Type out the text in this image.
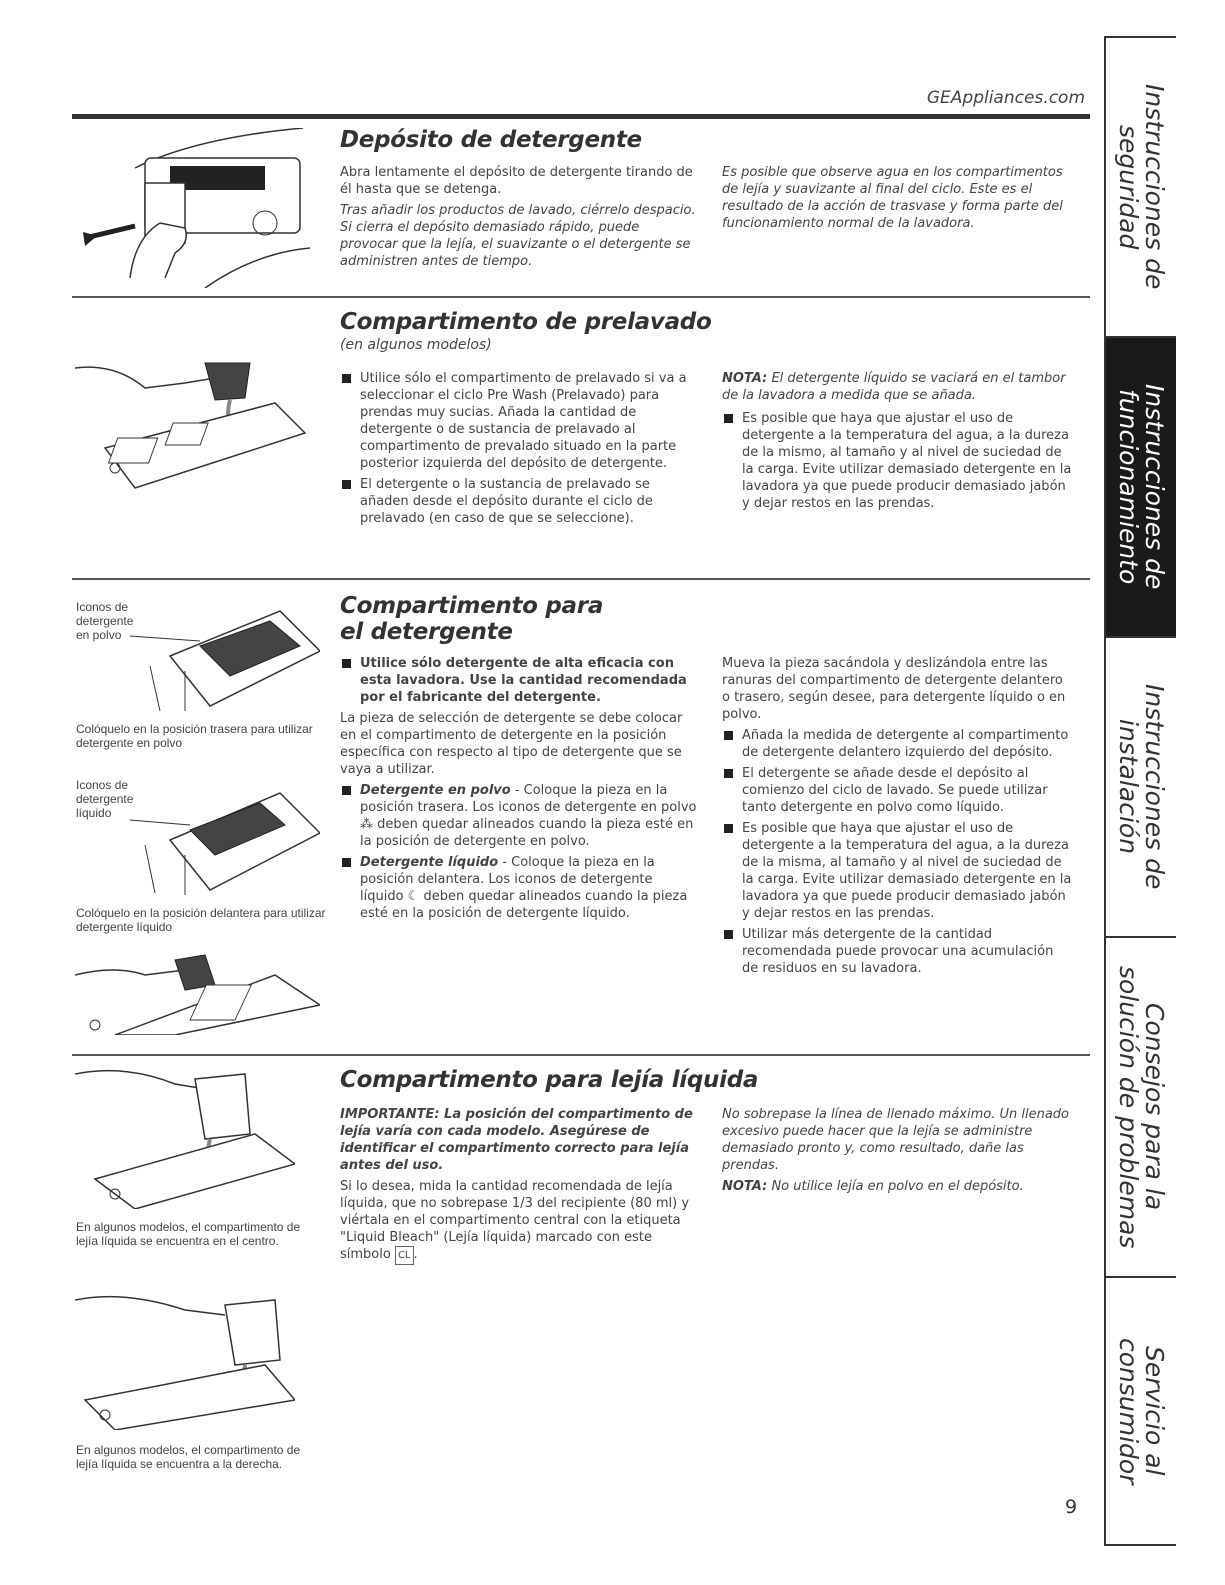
GEAppliances.com
Depósito de detergente

Abra lentamente el depósito de detergente tirando de él hasta que se detenga.

Tras añadir los productos de lavado, ciérrelo despacio. Si cierra el depósito demasiado rápido, puede provocar que la lejía, el suavizante o el detergente se administren antes de tiempo.

Es posible que observe agua en los compartimentos de lejía y suavizante al final del ciclo. Este es el resultado de la acción de trasvase y forma parte del funcionamiento normal de la lavadora.
Compartimento de prelavado
(en algunos modelos)
Utilice sólo el compartimento de prelavado si va a seleccionar el ciclo Pre Wash (Prelavado) para prendas muy sucias. Añada la cantidad de detergente o de sustancia de prelavado al compartimento de prevalado situado en la parte posterior izquierda del depósito de detergente.
El detergente o la sustancia de prelavado se añaden desde el depósito durante el ciclo de prelavado (en caso de que se seleccione).
NOTA: El detergente líquido se vaciará en el tambor de la lavadora a medida que se añada.
Es posible que haya que ajustar el uso de detergente a la temperatura del agua, a la dureza de la mismo, al tamaño y al nivel de suciedad de la carga. Evite utilizar demasiado detergente en la lavadora ya que puede producir demasiado jabón y dejar restos en las prendas.
Iconos de detergente en polvo
Colóquelo en la posición trasera para utilizar detergente en polvo
Iconos de detergente líquido
Colóquelo en la posición delantera para utilizar detergente líquido
Compartimento para
el detergente
Utilice sólo detergente de alta eficacia con esta lavadora. Use la cantidad recomendada por el fabricante del detergente.

La pieza de selección de detergente se debe colocar en el compartimento de detergente en la posición específica con respecto al tipo de detergente que se vaya a utilizar.

Detergente en polvo - Coloque la pieza en la posición trasera. Los iconos de detergente en polvo ⁂ deben quedar alineados cuando la pieza esté en la posición de detergente en polvo.
Detergente líquido - Coloque la pieza en la posición delantera. Los iconos de detergente líquido ☾ deben quedar alineados cuando la pieza esté en la posición de detergente líquido.

Mueva la pieza sacándola y deslizándola entre las ranuras del compartimento de detergente delantero o trasero, según desee, para detergente líquido o en polvo.

Añada la medida de detergente al compartimento de detergente delantero izquierdo del depósito.
El detergente se añade desde el depósito al comienzo del ciclo de lavado. Se puede utilizar tanto detergente en polvo como líquido.
Es posible que haya que ajustar el uso de detergente a la temperatura del agua, a la dureza de la misma, al tamaño y al nivel de suciedad de la carga. Evite utilizar demasiado detergente en la lavadora ya que puede producir demasiado jabón y dejar restos en las prendas.
Utilizar más detergente de la cantidad recomendada puede provocar una acumulación de residuos en su lavadora.
En algunos modelos, el compartimento de lejía líquida se encuentra en el centro.
En algunos modelos, el compartimento de lejía líquida se encuentra a la derecha.
Compartimento para lejía líquida

IMPORTANTE: La posición del compartimento de lejía varía con cada modelo. Asegúrese de identificar el compartimento correcto para lejía antes del uso.

Si lo desea, mida la cantidad recomendada de lejía líquida, que no sobrepase 1/3 del recipiente (80 ml) y viértala en el compartimento central con la etiqueta "Liquid Bleach" (Lejía líquida) marcado con este símbolo CL .

No sobrepase la línea de llenado máximo. Un llenado excesivo puede hacer que la lejía se administre demasiado pronto y, como resultado, dañe las prendas.

NOTA: No utilice lejía en polvo en el depósito.

Instrucciones de
seguridad
Instrucciones de
funcionamiento
Instrucciones de
instalación
Consejos para la
solución de problemas
Servicio al consumidor
9
